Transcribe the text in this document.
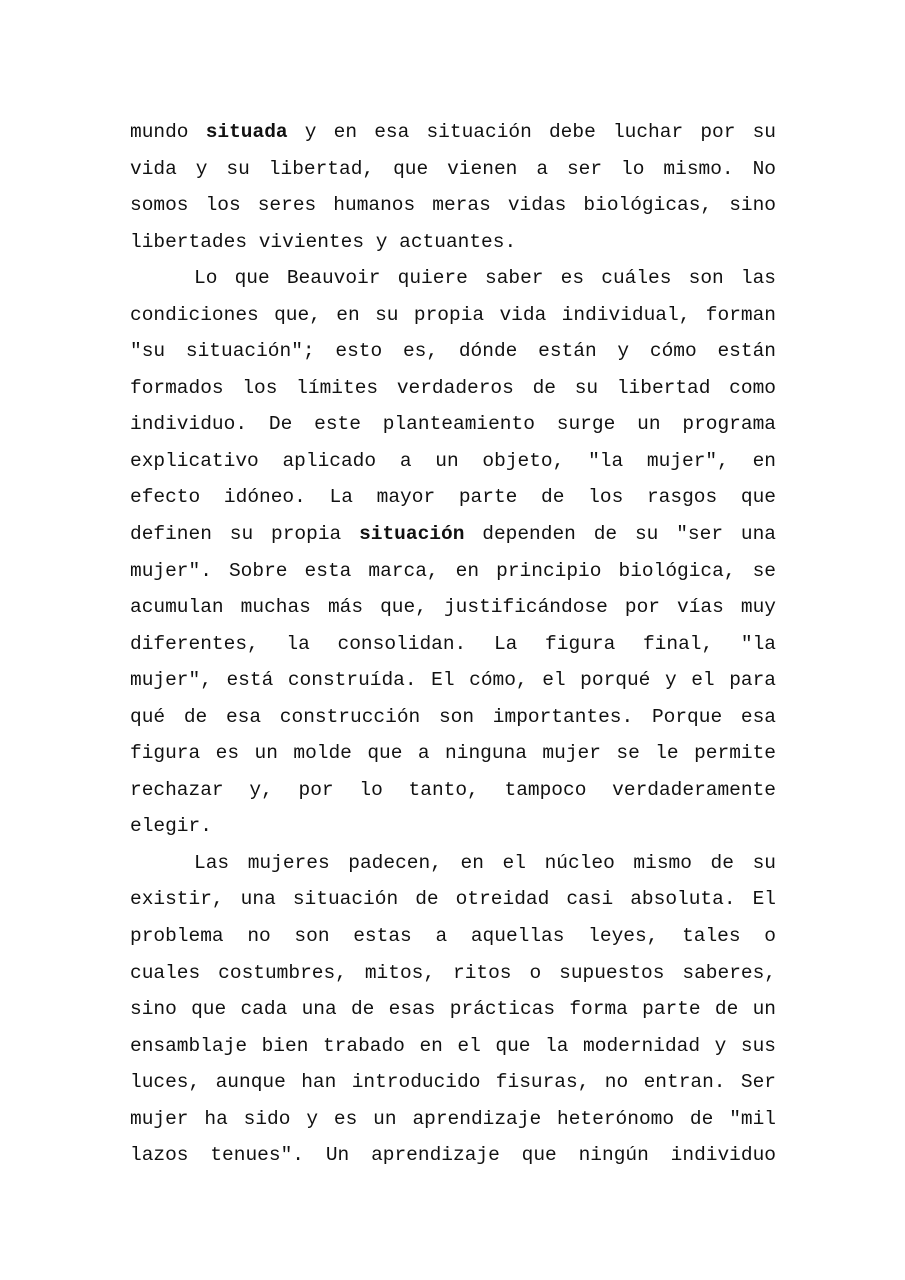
mundo situada y en esa situación debe luchar por su
vida y su libertad, que vienen a ser lo mismo. No
somos los seres humanos meras vidas biológicas, sino
libertades vivientes y actuantes.
Lo que Beauvoir quiere saber es cuáles son las
condiciones que, en su propia vida individual, forman
"su situación"; esto es, dónde están y cómo están
formados los límites verdaderos de su libertad como
individuo. De este planteamiento surge un programa
explicativo aplicado a un objeto, "la mujer", en
efecto idóneo. La mayor parte de los rasgos que
definen su propia situación dependen de su "ser una
mujer". Sobre esta marca, en principio biológica, se
acumulan muchas más que, justificándose por vías muy
diferentes, la consolidan. La figura final, "la
mujer", está construída. El cómo, el porqué y el para
qué de esa construcción son importantes. Porque esa
figura es un molde que a ninguna mujer se le permite
rechazar y, por lo tanto, tampoco verdaderamente
elegir.
Las mujeres padecen, en el núcleo mismo de su
existir, una situación de otreidad casi absoluta. El
problema no son estas a aquellas leyes, tales o
cuales costumbres, mitos, ritos o supuestos saberes,
sino que cada una de esas prácticas forma parte de un
ensamblaje bien trabado en el que la modernidad y sus
luces, aunque han introducido fisuras, no entran. Ser
mujer ha sido y es un aprendizaje heterónomo de "mil
lazos tenues". Un aprendizaje que ningún individuo
